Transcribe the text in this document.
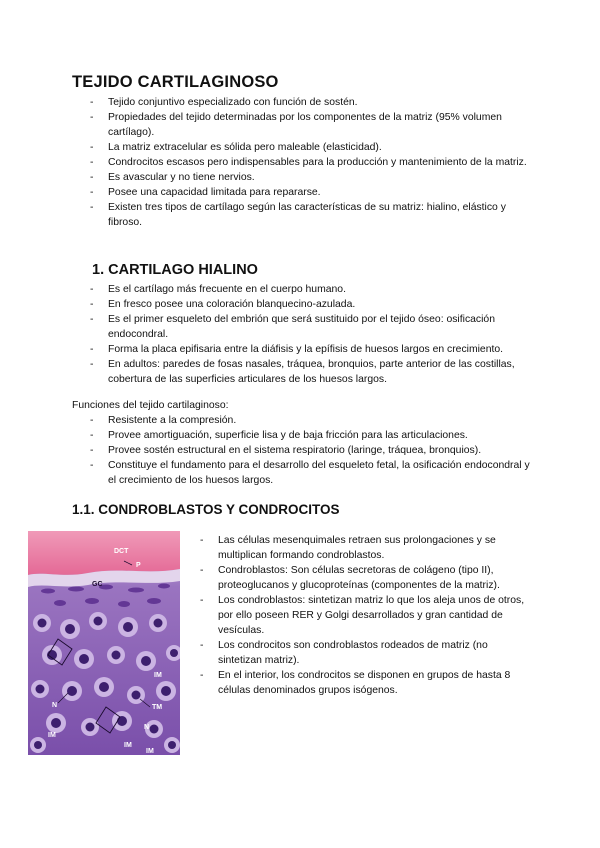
TEJIDO CARTILAGINOSO
- Tejido conjuntivo especializado con función de sostén.
- Propiedades del tejido determinadas por los componentes de la matriz (95% volumen cartílago).
- La matriz extracelular es sólida pero maleable (elasticidad).
- Condrocitos escasos pero indispensables para la producción y mantenimiento de la matriz.
- Es avascular y no tiene nervios.
- Posee una capacidad limitada para repararse.
- Existen tres tipos de cartílago según las características de su matriz: hialino, elástico y fibroso.
1. CARTILAGO HIALINO
- Es el cartílago más frecuente en el cuerpo humano.
- En fresco posee una coloración blanquecino-azulada.
- Es el primer esqueleto del embrión que será sustituido por el tejido óseo: osificación endocondral.
- Forma la placa epifisaria entre la diáfisis y la epífisis de huesos largos en crecimiento.
- En adultos: paredes de fosas nasales, tráquea, bronquios, parte anterior de las costillas, cobertura de las superficies articulares de los huesos largos.
Funciones del tejido cartilaginoso:
- Resistente a la compresión.
- Provee amortiguación, superficie lisa y de baja fricción para las articulaciones.
- Provee sostén estructural en el sistema respiratorio (laringe, tráquea, bronquios).
- Constituye el fundamento para el desarrollo del esqueleto fetal, la osificación endocondral y el crecimiento de los huesos largos.
1.1. CONDROBLASTOS Y CONDROCITOS
DCT
P
GC
IM
TM
N
N
IM
IM
IM
- Las células mesenquimales retraen sus prolongaciones y se multiplican formando condroblastos.
- Condroblastos: Son células secretoras de colágeno (tipo II), proteoglucanos y glucoproteínas (componentes de la matriz).
- Los condroblastos: sintetizan matriz lo que los aleja unos de otros, por ello poseen RER y Golgi desarrollados y gran cantidad de vesículas.
- Los condrocitos son condroblastos rodeados de matriz (no sintetizan matriz).
- En el interior, los condrocitos se disponen en grupos de hasta 8 células denominados grupos isógenos.
